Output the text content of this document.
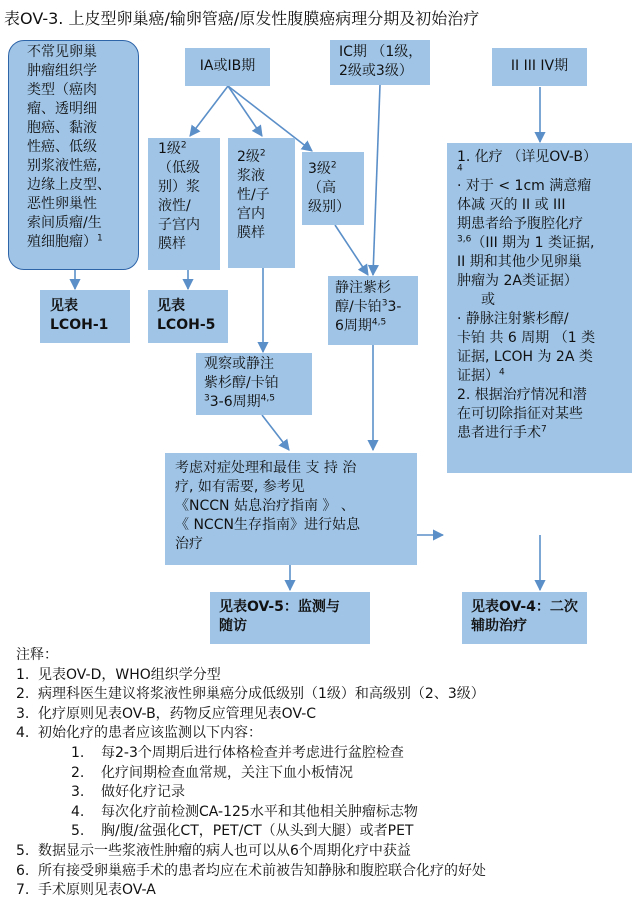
表OV-3. 上皮型卵巢癌/输卵管癌/原发性腹膜癌病理分期及初始治疗
不常见卵巢
肿瘤组织学
类型（癌肉
瘤、透明细
胞癌、黏液
性癌、低级
别浆液性癌,
边缘上皮型、
恶性卵巢性
索间质瘤/生
殖细胞瘤）$^1$
见表
LCOH-1
IA或IB期
IC期 （1级，
2级或3级）	II III IV期
1级$^2$
（低级
别）浆
液性/
子宫内
膜样
见表
LCOH-5
2级$^2$
浆液
性/子
宫内
膜样
3级$^2$
（高
级别）
静注紫杉
醇/卡铂$^3$3-
6周期$^{4,5}$
观察或静注
紫杉醇/卡铂
$^3$3-6周期$^{4,5}$
1. 化疗 （详见OV-B）
$^4$
· 对于 < 1cm 满意瘤
体减 灭的 II 或 III
期患者给予腹腔化疗
$^{3,6}$（III 期为 1 类证据,
II 期和其他少见卵巢
肿瘤为 2A类证据）
或
· 静脉注射紫杉醇/
卡铂 共 6 周期 （1 类
证据, LCOH 为 2A 类
证据）$^4$
2. 根据治疗情况和潜
在可切除指征对某些
患者进行手术$^7$
考虑对症处理和最佳 支 持 治
疗, 如有需要, 参考见
《NCCN 姑息治疗指南 》 、
《 NCCN生存指南》进行姑息
治疗
见表OV-5：监测与
随访
见表OV-4：二次
辅助治疗
注释：
1. 见表OV-D，WHO组织学分型
2. 病理科医生建议将浆液性卵巢癌分成低级别（1级）和高级别（2、3级）
3. 化疗原则见表OV-B，药物反应管理见表OV-C
4. 初始化疗的患者应该监测以下内容：
1. 每2-3个周期后进行体格检查并考虑进行盆腔检查
2. 化疗间期检查血常规，关注下血小板情况
3. 做好化疗记录
4. 每次化疗前检测CA-125水平和其他相关肿瘤标志物
5. 胸/腹/盆强化CT，PET/CT（从头到大腿）或者PET
5. 数据显示一些浆液性肿瘤的病人也可以从6个周期化疗中获益
6. 所有接受卵巢癌手术的患者均应在术前被告知静脉和腹腔联合化疗的好处
7. 手术原则见表OV-A
